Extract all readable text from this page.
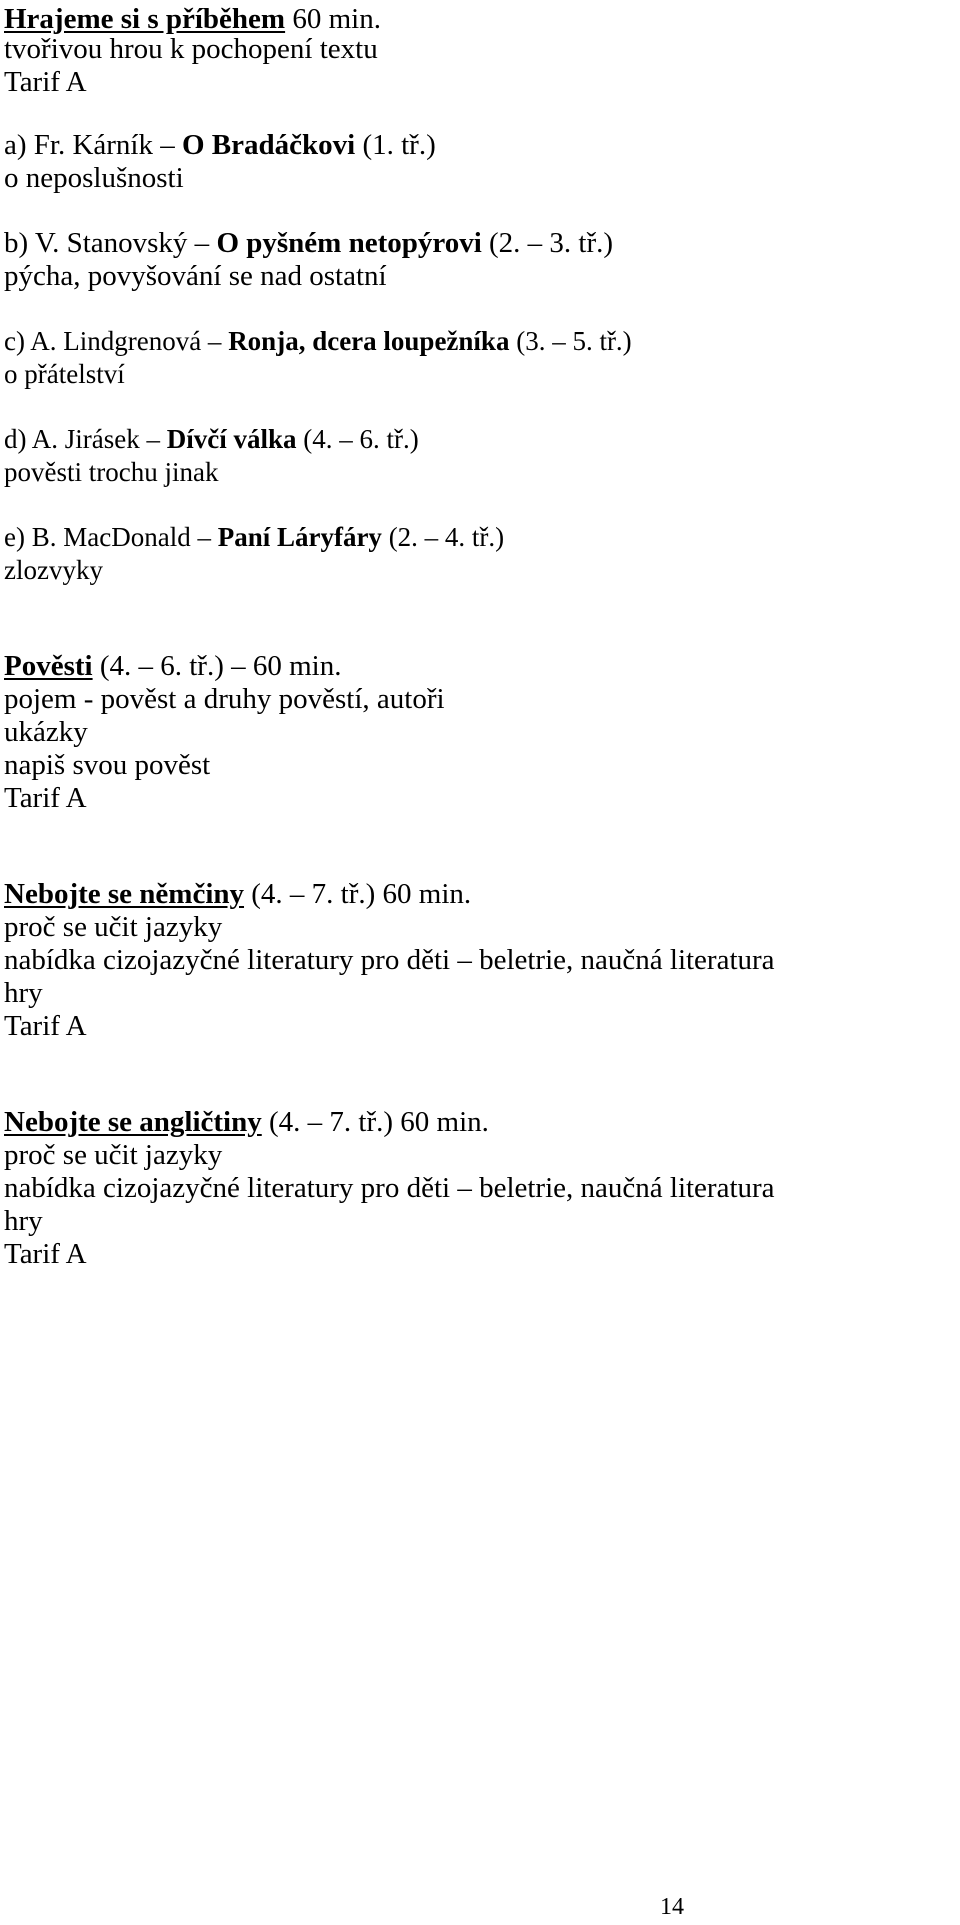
Hrajeme si s příběhem 60 min.
tvořivou hrou k pochopení textu
Tarif A
a) Fr. Kárník – O Bradáčkovi (1. tř.)
o neposlušnosti
b) V. Stanovský – O pyšném netopýrovi (2. – 3. tř.)
pýcha, povyšování se nad ostatní
c) A. Lindgrenová – Ronja, dcera loupežníka (3. – 5. tř.)
o přátelství
d) A. Jirásek – Dívčí válka (4. – 6. tř.)
pověsti trochu jinak
e) B. MacDonald – Paní Láryfáry (2. – 4. tř.)
zlozvyky
Pověsti (4. – 6. tř.) – 60 min.
pojem - pověst a druhy pověstí, autoři
ukázky
napiš svou pověst
Tarif A
Nebojte se němčiny (4. – 7. tř.) 60 min.
proč se učit jazyky
nabídka cizojazyčné literatury pro děti – beletrie, naučná literatura
hry
Tarif A
Nebojte se angličtiny (4. – 7. tř.) 60 min.
proč se učit jazyky
nabídka cizojazyčné literatury pro děti – beletrie, naučná literatura
hry
Tarif A
14
